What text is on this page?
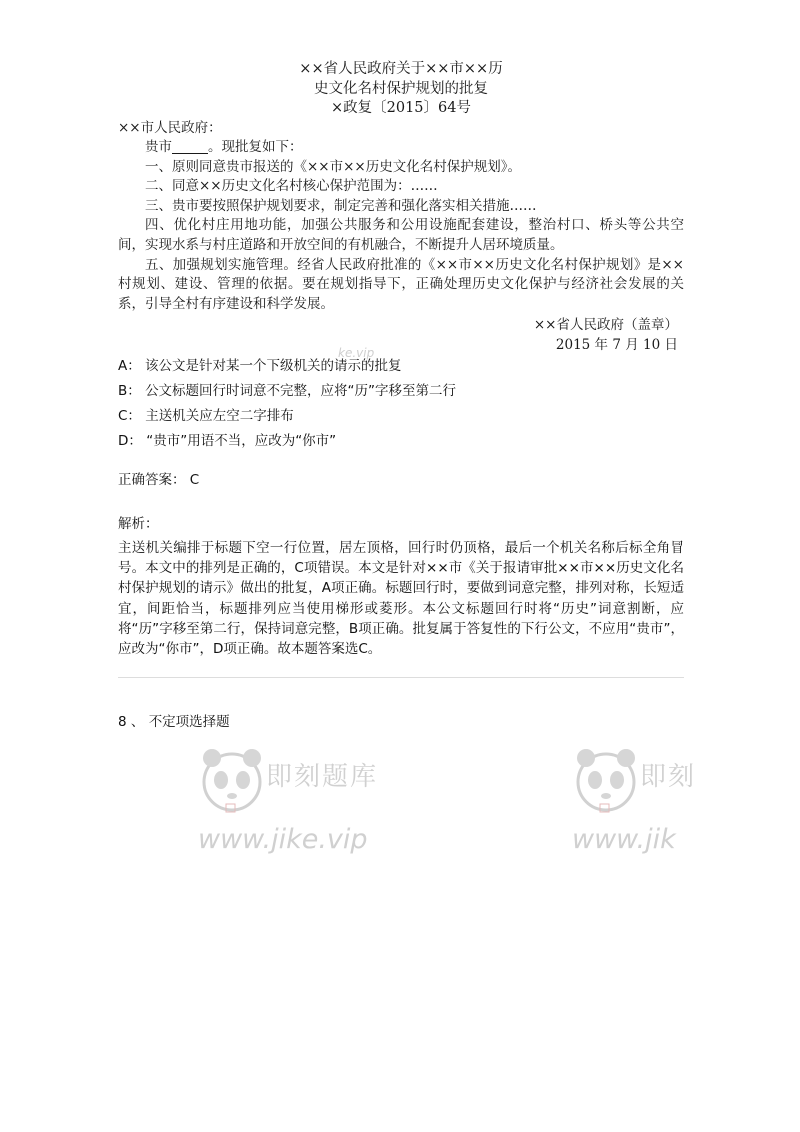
××省人民政府关于××市××历
史文化名村保护规划的批复
×政复〔2015〕64号
××市人民政府：
贵市	。现批复如下：
一、原则同意贵市报送的《××市××历史文化名村保护规划》。
二、同意××历史文化名村核心保护范围为：……
三、贵市要按照保护规划要求，制定完善和强化落实相关措施……
四、优化村庄用地功能，加强公共服务和公用设施配套建设，整治村口、桥头等公共空间，实现水系与村庄道路和开放空间的有机融合，不断提升人居环境质量。
五、加强规划实施管理。经省人民政府批准的《××市××历史文化名村保护规划》是××村规划、建设、管理的依据。要在规划指导下，正确处理历史文化保护与经济社会发展的关系，引导全村有序建设和科学发展。
××省人民政府（盖章）
2015 年 7 月 10 日
ke.vip
A： 该公文是针对某一个下级机关的请示的批复
B： 公文标题回行时词意不完整，应将“历”字移至第二行
C： 主送机关应左空二字排布
D： “贵市”用语不当，应改为“你市”
正确答案： C
解析：
主送机关编排于标题下空一行位置，居左顶格，回行时仍顶格，最后一个机关名称后标全角冒号。本文中的排列是正确的，C项错误。本文是针对××市《关于报请审批××市××历史文化名村保护规划的请示》做出的批复，A项正确。标题回行时，要做到词意完整，排列对称，长短适宜，间距恰当，标题排列应当使用梯形或菱形。本公文标题回行时将“历史”词意割断，应将“历”字移至第二行，保持词意完整，B项正确。批复属于答复性的下行公文，不应用“贵市”，应改为“你市”，D项正确。故本题答案选C。
8 、 不定项选择题
即刻题库
www.jike.vip
即刻
www.jik
